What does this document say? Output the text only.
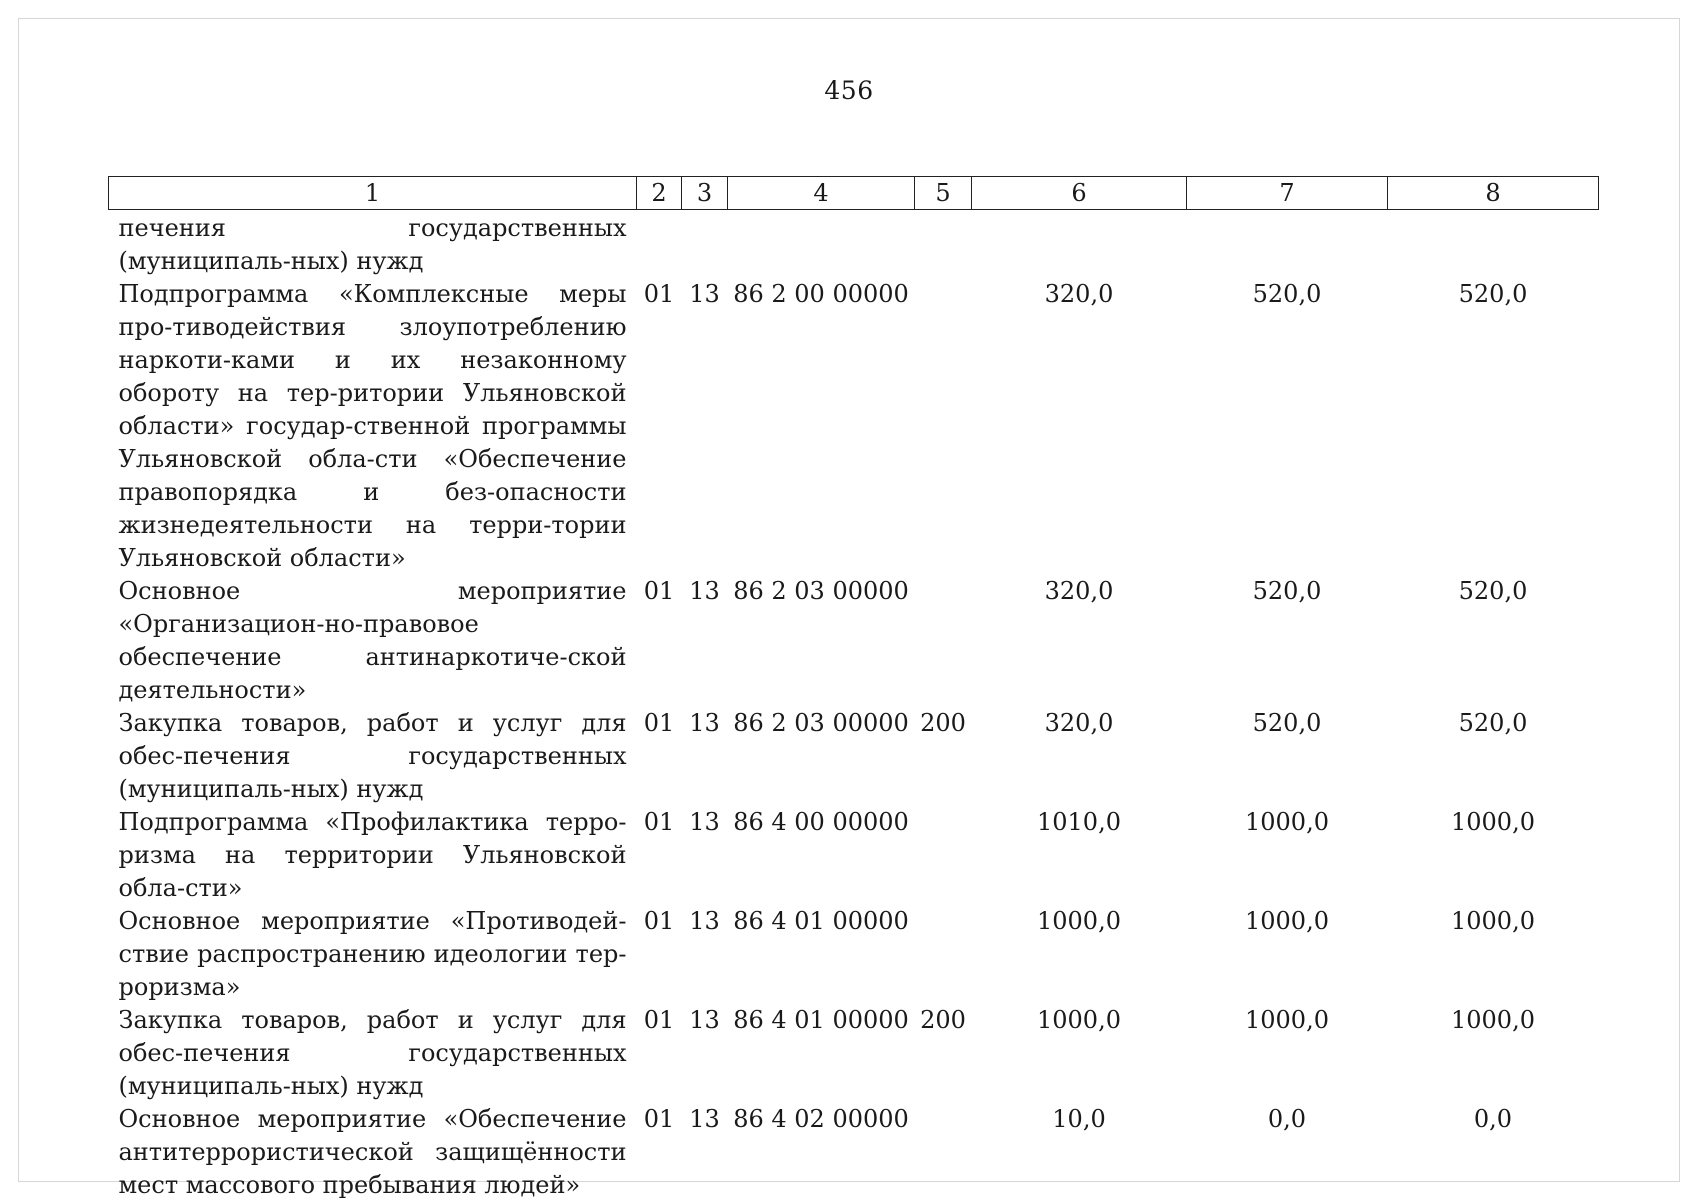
456
1	2	3	4	5	6	7	8
печения государственных (муниципаль-ных) нужд							
Подпрограмма «Комплексные меры про-тиводействия злоупотреблению наркоти-ками и их незаконному обороту на тер-ритории Ульяновской области» государ-ственной программы Ульяновской обла-сти «Обеспечение правопорядка и без-опасности жизнедеятельности на терри-тории Ульяновской области»	01	13	86 2 00 00000		320,0	520,0	520,0
Основное мероприятие «Организацион-но-правовое обеспечение антинаркотиче-ской деятельности»	01	13	86 2 03 00000		320,0	520,0	520,0
Закупка товаров, работ и услуг для обес-печения государственных (муниципаль-ных) нужд	01	13	86 2 03 00000	200	320,0	520,0	520,0
Подпрограмма «Профилактика терро-ризма на территории Ульяновской обла-сти»	01	13	86 4 00 00000		1010,0	1000,0	1000,0
Основное мероприятие «Противодей-ствие распространению идеологии тер-роризма»	01	13	86 4 01 00000		1000,0	1000,0	1000,0
Закупка товаров, работ и услуг для обес-печения государственных (муниципаль-ных) нужд	01	13	86 4 01 00000	200	1000,0	1000,0	1000,0
Основное мероприятие «Обеспечение антитеррористической защищённости мест массового пребывания людей»	01	13	86 4 02 00000		10,0	0,0	0,0
